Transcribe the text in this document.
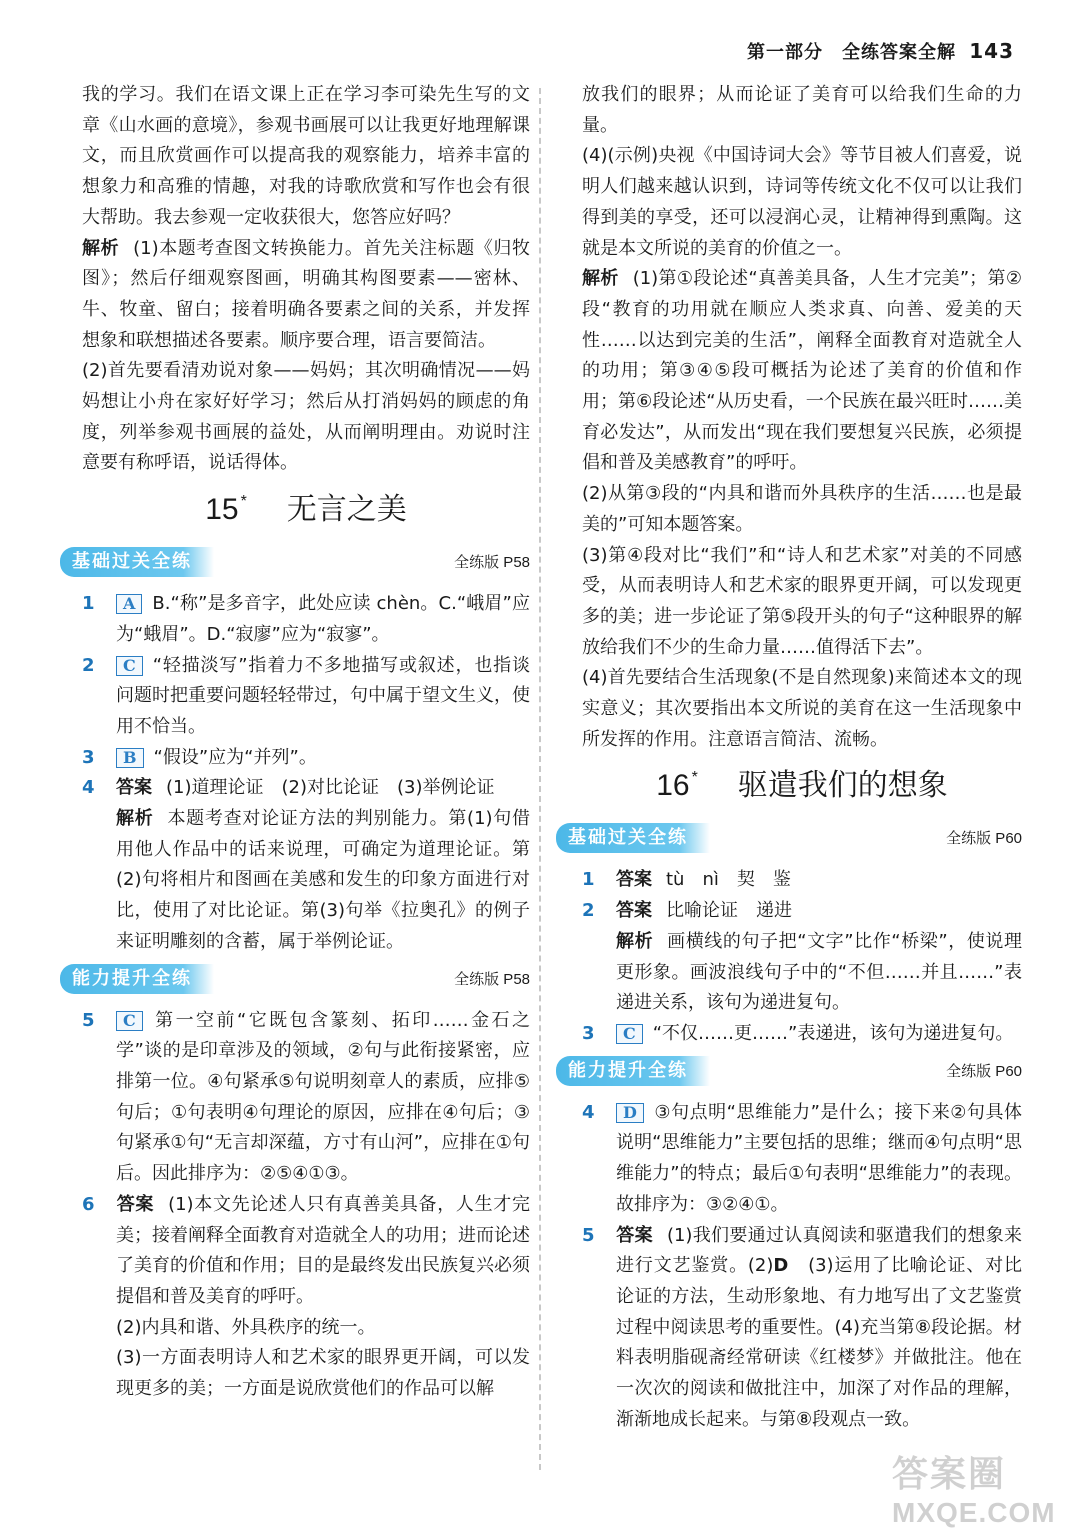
第一部分　全练答案全解 143

我的学习。我们在语文课上正在学习李可染先生写的文章《山水画的意境》，参观书画展可以让我更好地理解课文，而且欣赏画作可以提高我的观察能力，培养丰富的想象力和高雅的情趣，对我的诗歌欣赏和写作也会有很大帮助。我去参观一定收获很大，您答应好吗？

解析 (1)本题考查图文转换能力。首先关注标题《归牧图》；然后仔细观察图画，明确其构图要素——密林、牛、牧童、留白；接着明确各要素之间的关系，并发挥想象和联想描述各要素。顺序要合理，语言要简洁。

(2)首先要看清劝说对象——妈妈；其次明确情况——妈妈想让小舟在家好好学习；然后从打消妈妈的顾虑的角度，列举参观书画展的益处，从而阐明理由。劝说时注意要有称呼语，说话得体。

15 * 无言之美
基础过关全练	全练版 P58

1 A B.“称”是多音字，此处应读 chèn。C.“峨眉”应为“蛾眉”。D.“寂廖”应为“寂寥”。

2 C “轻描淡写”指着力不多地描写或叙述，也指谈问题时把重要问题轻轻带过，句中属于望文生义，使用不恰当。

3 B “假设”应为“并列”。

4 答案 (1)道理论证　(2)对比论证　(3)举例论证

解析 本题考查对论证方法的判别能力。第(1)句借用他人作品中的话来说理，可确定为道理论证。第(2)句将相片和图画在美感和发生的印象方面进行对比，使用了对比论证。第(3)句举《拉奥孔》的例子来证明雕刻的含蓄，属于举例论证。

能力提升全练	全练版 P58

5 C 第一空前“它既包含篆刻、拓印……金石之学”谈的是印章涉及的领域，②句与此衔接紧密，应排第一位。④句紧承⑤句说明刻章人的素质，应排⑤句后；①句表明④句理论的原因，应排在④句后；③句紧承①句“无言却深蕴，方寸有山河”，应排在①句后。因此排序为：②⑤④①③。

6 答案 (1)本文先论述人只有真善美具备，人生才完美；接着阐释全面教育对造就全人的功用；进而论述了美育的价值和作用；目的是最终发出民族复兴必须提倡和普及美育的呼吁。

(2)内具和谐、外具秩序的统一。

(3)一方面表明诗人和艺术家的眼界更开阔，可以发现更多的美；一方面是说欣赏他们的作品可以解

放我们的眼界；从而论证了美育可以给我们生命的力量。

(4)(示例)央视《中国诗词大会》等节目被人们喜爱，说明人们越来越认识到，诗词等传统文化不仅可以让我们得到美的享受，还可以浸润心灵，让精神得到熏陶。这就是本文所说的美育的价值之一。

解析 (1)第①段论述“真善美具备，人生才完美”；第②段“教育的功用就在顺应人类求真、向善、爱美的天性……以达到完美的生活”，阐释全面教育对造就全人的功用；第③④⑤段可概括为论述了美育的价值和作用；第⑥段论述“从历史看，一个民族在最兴旺时……美育必发达”，从而发出“现在我们要想复兴民族，必须提倡和普及美感教育”的呼吁。

(2)从第③段的“内具和谐而外具秩序的生活……也是最美的”可知本题答案。

(3)第④段对比“我们”和“诗人和艺术家”对美的不同感受，从而表明诗人和艺术家的眼界更开阔，可以发现更多的美；进一步论证了第⑤段开头的句子“这种眼界的解放给我们不少的生命力量……值得活下去”。

(4)首先要结合生活现象(不是自然现象)来简述本文的现实意义；其次要指出本文所说的美育在这一生活现象中所发挥的作用。注意语言简洁、流畅。

16 * 驱遣我们的想象
基础过关全练	全练版 P60

1 答案 tù　nì　契　鉴

2 答案 比喻论证　递进

解析 画横线的句子把“文字”比作“桥梁”，使说理更形象。画波浪线句子中的“不但……并且……”表递进关系，该句为递进复句。

3 C “不仅……更……”表递进，该句为递进复句。

能力提升全练	全练版 P60

4 D ③句点明“思维能力”是什么；接下来②句具体说明“思维能力”主要包括的思维；继而④句点明“思维能力”的特点；最后①句表明“思维能力”的表现。故排序为：③②④①。

5 答案 (1)我们要通过认真阅读和驱遣我们的想象来进行文艺鉴赏。(2)D　(3)运用了比喻论证、对比论证的方法，生动形象地、有力地写出了文艺鉴赏过程中阅读思考的重要性。(4)充当第⑧段论据。材料表明脂砚斋经常研读《红楼梦》并做批注。他在一次次的阅读和做批注中，加深了对作品的理解，渐渐地成长起来。与第⑧段观点一致。

答案圈
MXQE.COM
